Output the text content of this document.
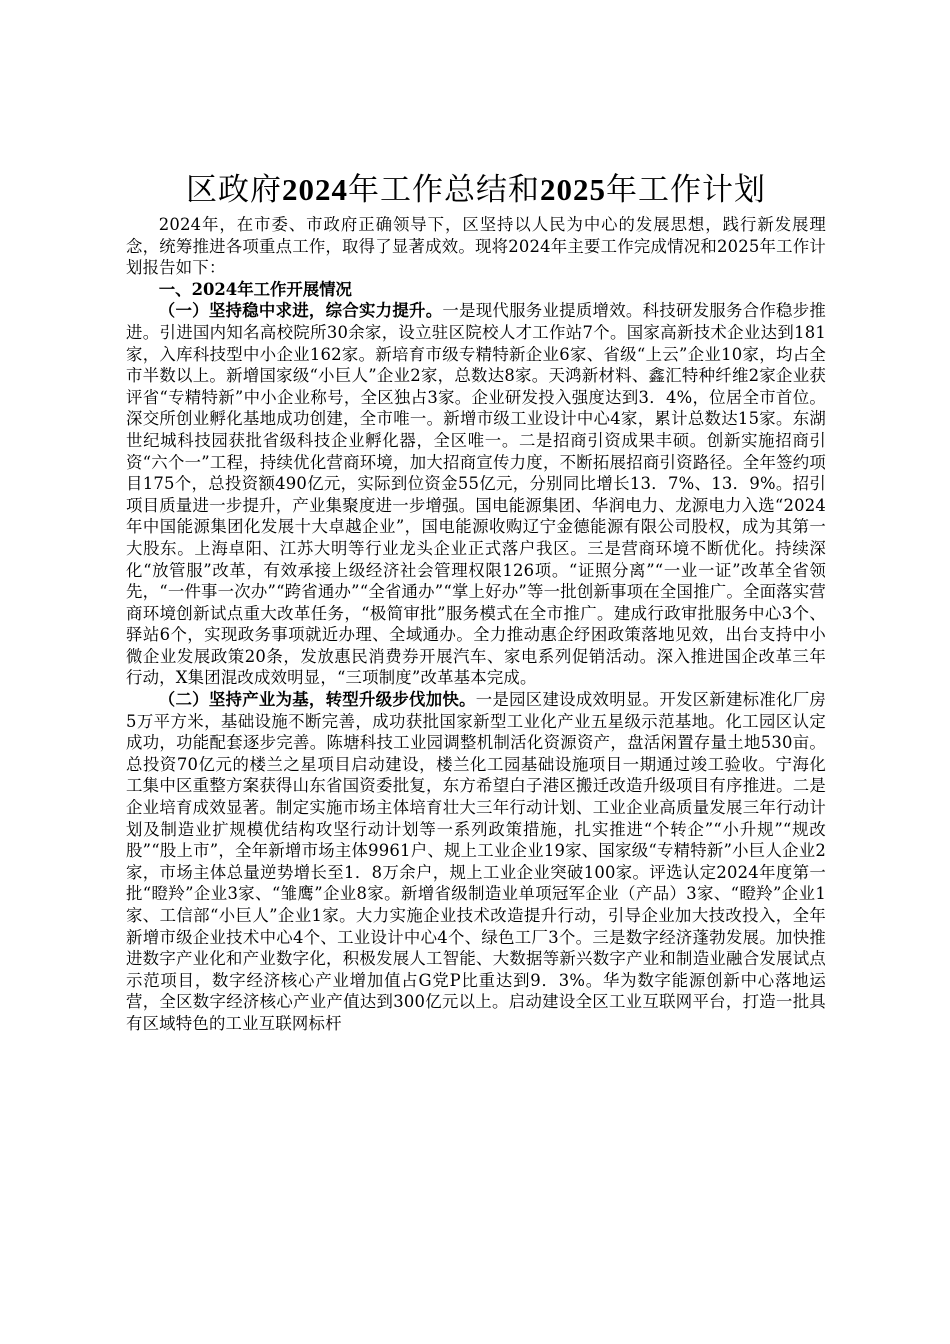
区政府2024年工作总结和2025年工作计划

2024年，在市委、市政府正确领导下，区坚持以人民为中心的发展思想，践行新发展理念，统筹推进各项重点工作，取得了显著成效。现将2024年主要工作完成情况和2025年工作计划报告如下：

一、2024年工作开展情况

（一）坚持稳中求进，综合实力提升。一是现代服务业提质增效。科技研发服务合作稳步推进。引进国内知名高校院所30余家，设立驻区院校人才工作站7个。国家高新技术企业达到181家，入库科技型中小企业162家。新培育市级专精特新企业6家、省级“上云”企业10家，均占全市半数以上。新增国家级“小巨人”企业2家，总数达8家。天鸿新材料、鑫汇特种纤维2家企业获评省“专精特新”中小企业称号，全区独占3家。企业研发投入强度达到3．4%，位居全市首位。深交所创业孵化基地成功创建，全市唯一。新增市级工业设计中心4家，累计总数达15家。东湖世纪城科技园获批省级科技企业孵化器，全区唯一。二是招商引资成果丰硕。创新实施招商引资“六个一”工程，持续优化营商环境，加大招商宣传力度，不断拓展招商引资路径。全年签约项目175个，总投资额490亿元，实际到位资金55亿元，分别同比增长13．7%、13．9%。招引项目质量进一步提升，产业集聚度进一步增强。国电能源集团、华润电力、龙源电力入选“2024年中国能源集团化发展十大卓越企业”，国电能源收购辽宁金德能源有限公司股权，成为其第一大股东。上海卓阳、江苏大明等行业龙头企业正式落户我区。三是营商环境不断优化。持续深化“放管服”改革，有效承接上级经济社会管理权限126项。“证照分离”“一业一证”改革全省领先，“一件事一次办”“跨省通办”“全省通办”“掌上好办”等一批创新事项在全国推广。全面落实营商环境创新试点重大改革任务，“极简审批”服务模式在全市推广。建成行政审批服务中心3个、驿站6个，实现政务事项就近办理、全域通办。全力推动惠企纾困政策落地见效，出台支持中小微企业发展政策20条，发放惠民消费券开展汽车、家电系列促销活动。深入推进国企改革三年行动，X集团混改成效明显，“三项制度”改革基本完成。

（二）坚持产业为基，转型升级步伐加快。一是园区建设成效明显。开发区新建标准化厂房5万平方米，基础设施不断完善，成功获批国家新型工业化产业五星级示范基地。化工园区认定成功，功能配套逐步完善。陈塘科技工业园调整机制活化资源资产，盘活闲置存量土地530亩。总投资70亿元的楼兰之星项目启动建设，楼兰化工园基础设施项目一期通过竣工验收。宁海化工集中区重整方案获得山东省国资委批复，东方希望白子港区搬迁改造升级项目有序推进。二是企业培育成效显著。制定实施市场主体培育壮大三年行动计划、工业企业高质量发展三年行动计划及制造业扩规模优结构攻坚行动计划等一系列政策措施，扎实推进“个转企”“小升规”“规改股”“股上市”，全年新增市场主体9961户、规上工业企业19家、国家级“专精特新”小巨人企业2家，市场主体总量逆势增长至1．8万余户，规上工业企业突破100家。评选认定2024年度第一批“瞪羚”企业3家、“雏鹰”企业8家。新增省级制造业单项冠军企业（产品）3家、“瞪羚”企业1家、工信部“小巨人”企业1家。大力实施企业技术改造提升行动，引导企业加大技改投入，全年新增市级企业技术中心4个、工业设计中心4个、绿色工厂3个。三是数字经济蓬勃发展。加快推进数字产业化和产业数字化，积极发展人工智能、大数据等新兴数字产业和制造业融合发展试点示范项目，数字经济核心产业增加值占G党P比重达到9．3%。华为数字能源创新中心落地运营，全区数字经济核心产业产值达到300亿元以上。启动建设全区工业互联网平台，打造一批具有区域特色的工业互联网标杆
